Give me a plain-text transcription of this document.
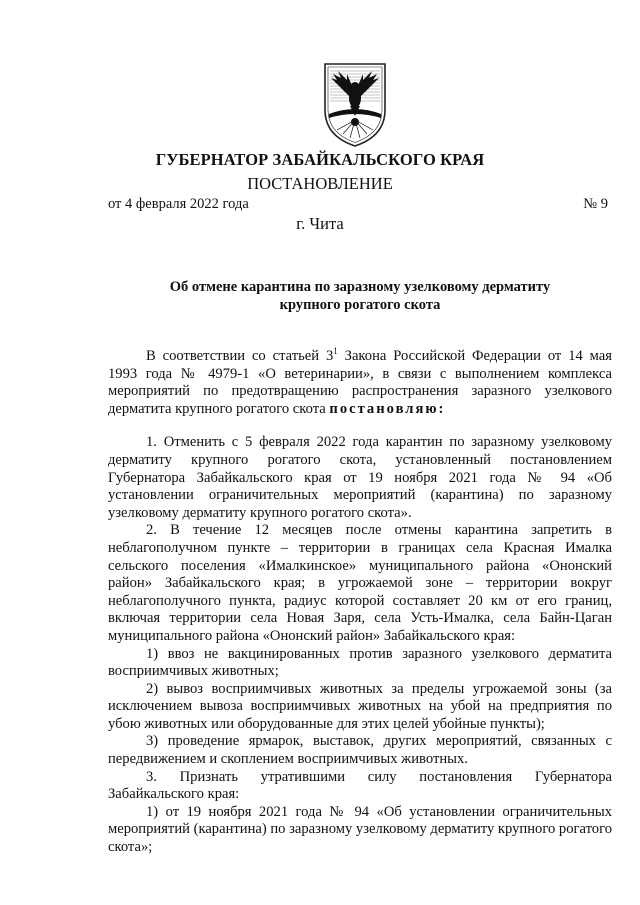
ГУБЕРНАТОР ЗАБАЙКАЛЬСКОГО КРАЯ
ПОСТАНОВЛЕНИЕ
от 4 февраля 2022 года	№ 9
г. Чита
Об отмене карантина по заразному узелковому дерматиту
крупного рогатого скота

В соответствии со статьей $3^1$ Закона Российской Федерации от 14 мая 1993 года № 4979-1 «О ветеринарии», в связи с выполнением комплекса мероприятий по предотвращению распространения заразного узелкового дерматита крупного рогатого скота постановляю:

1. Отменить с 5 февраля 2022 года карантин по заразному узелковому дерматиту крупного рогатого скота, установленный постановлением Губернатора Забайкальского края от 19 ноября 2021 года № 94 «Об установлении ограничительных мероприятий (карантина) по заразному узелковому дерматиту крупного рогатого скота».

2. В течение 12 месяцев после отмены карантина запретить в неблагополучном пункте – территории в границах села Красная Ималка сельского поселения «Ималкинское» муниципального района «Ононский район» Забайкальского края; в угрожаемой зоне – территории вокруг неблагополучного пункта, радиус которой составляет 20 км от его границ, включая территории села Новая Заря, села Усть-Ималка, села Байн-Цаган муниципального района «Ононский район» Забайкальского края:

1) ввоз не вакцинированных против заразного узелкового дерматита восприимчивых животных;

2) вывоз восприимчивых животных за пределы угрожаемой зоны (за исключением вывоза восприимчивых животных на убой на предприятия по убою животных или оборудованные для этих целей убойные пункты);

3) проведение ярмарок, выставок, других мероприятий, связанных с передвижением и скоплением восприимчивых животных.

3. Признать утратившими силу постановления Губернатора Забайкальского края:

1) от 19 ноября 2021 года № 94 «Об установлении ограничительных мероприятий (карантина) по заразному узелковому дерматиту крупного рогатого скота»;
